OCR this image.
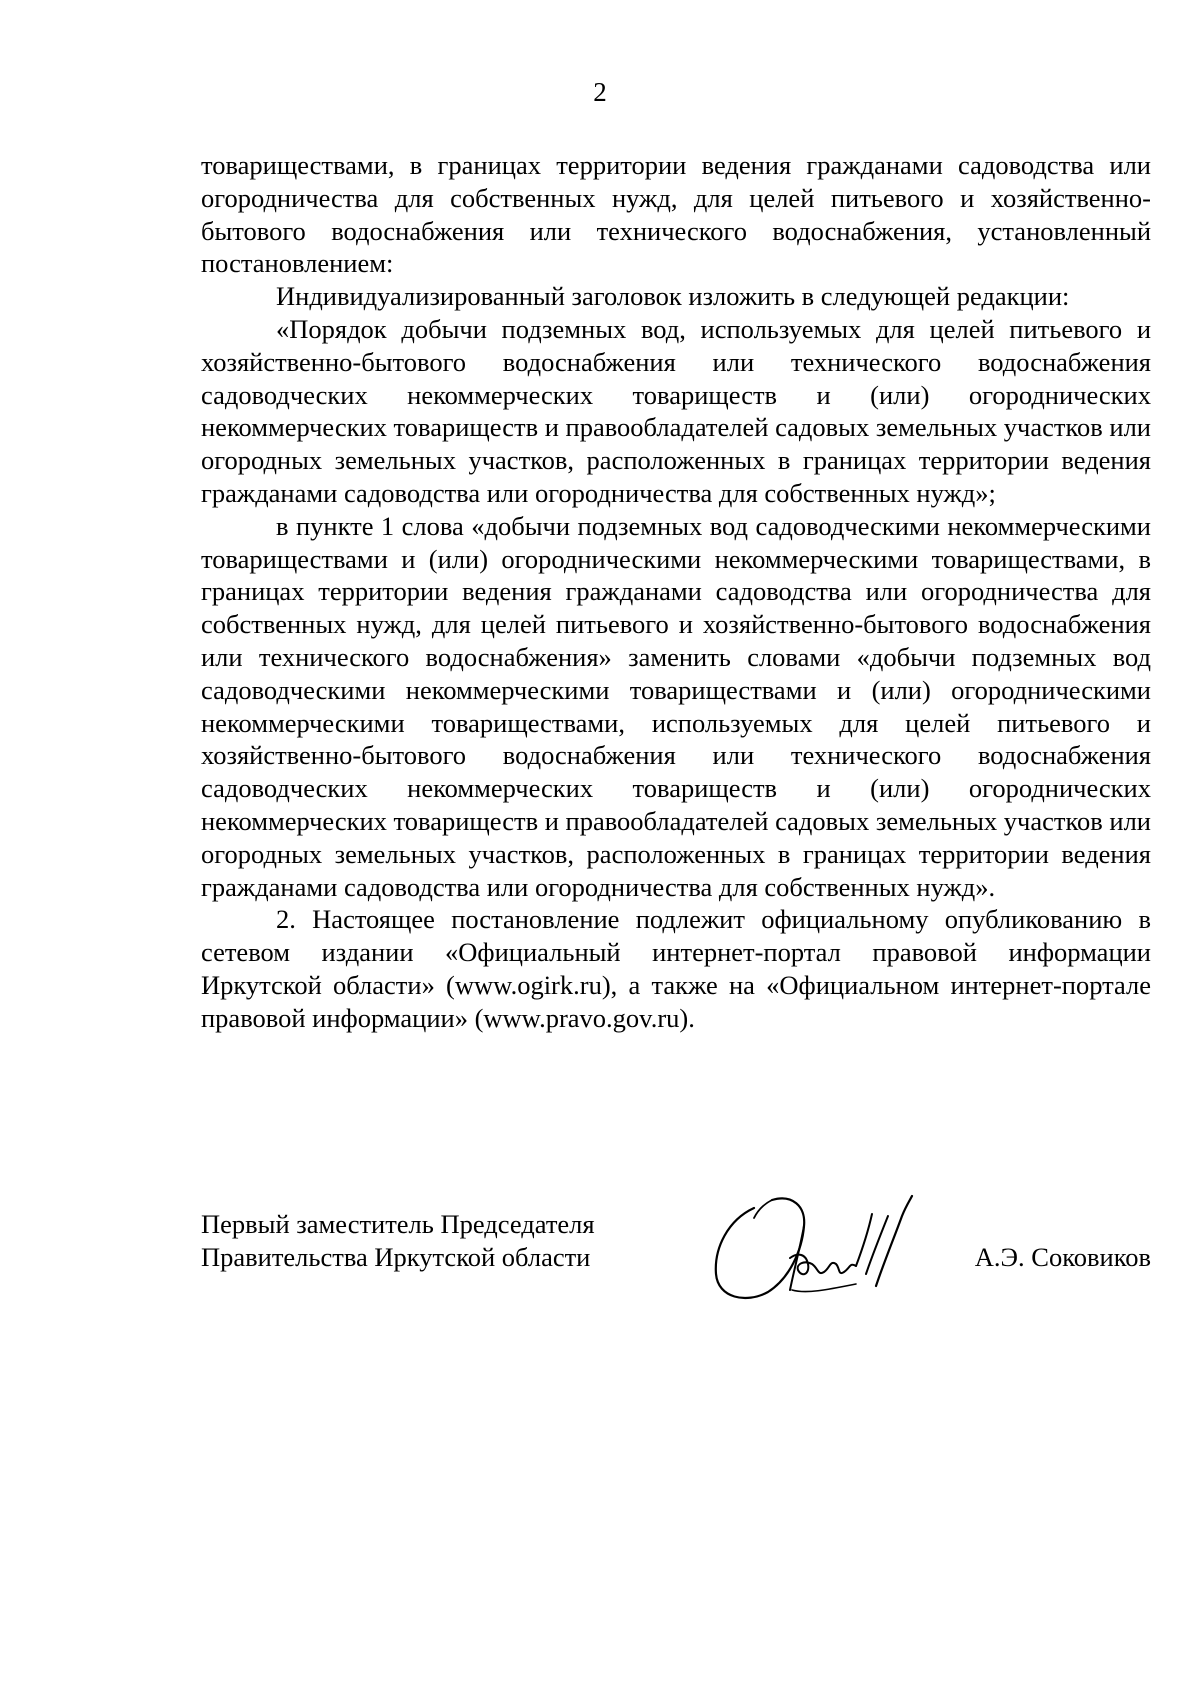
2

товариществами, в границах территории ведения гражданами садоводства или огородничества для собственных нужд, для целей питьевого и хозяйственно-бытового водоснабжения или технического водоснабжения, установленный постановлением:

Индивидуализированный заголовок изложить в следующей редакции:

«Порядок добычи подземных вод, используемых для целей питьевого и хозяйственно-бытового водоснабжения или технического водоснабжения садоводческих некоммерческих товариществ и (или) огороднических некоммерческих товариществ и правообладателей садовых земельных участков или огородных земельных участков, расположенных в границах территории ведения гражданами садоводства или огородничества для собственных нужд»;

в пункте 1 слова «добычи подземных вод садоводческими некоммерческими товариществами и (или) огородническими некоммерческими товариществами, в границах территории ведения гражданами садоводства или огородничества для собственных нужд, для целей питьевого и хозяйственно-бытового водоснабжения или технического водоснабжения» заменить словами «добычи подземных вод садоводческими некоммерческими товариществами и (или) огородническими некоммерческими товариществами, используемых для целей питьевого и хозяйственно-бытового водоснабжения или технического водоснабжения садоводческих некоммерческих товариществ и (или) огороднических некоммерческих товариществ и правообладателей садовых земельных участков или огородных земельных участков, расположенных в границах территории ведения гражданами садоводства или огородничества для собственных нужд».

2. Настоящее постановление подлежит официальному опубликованию в сетевом издании «Официальный интернет-портал правовой информации Иркутской области» (www.ogirk.ru), а также на «Официальном интернет-портале правовой информации» (www.pravo.gov.ru).

Первый заместитель Председателя
Правительства Иркутской области	А.Э. Соковиков
